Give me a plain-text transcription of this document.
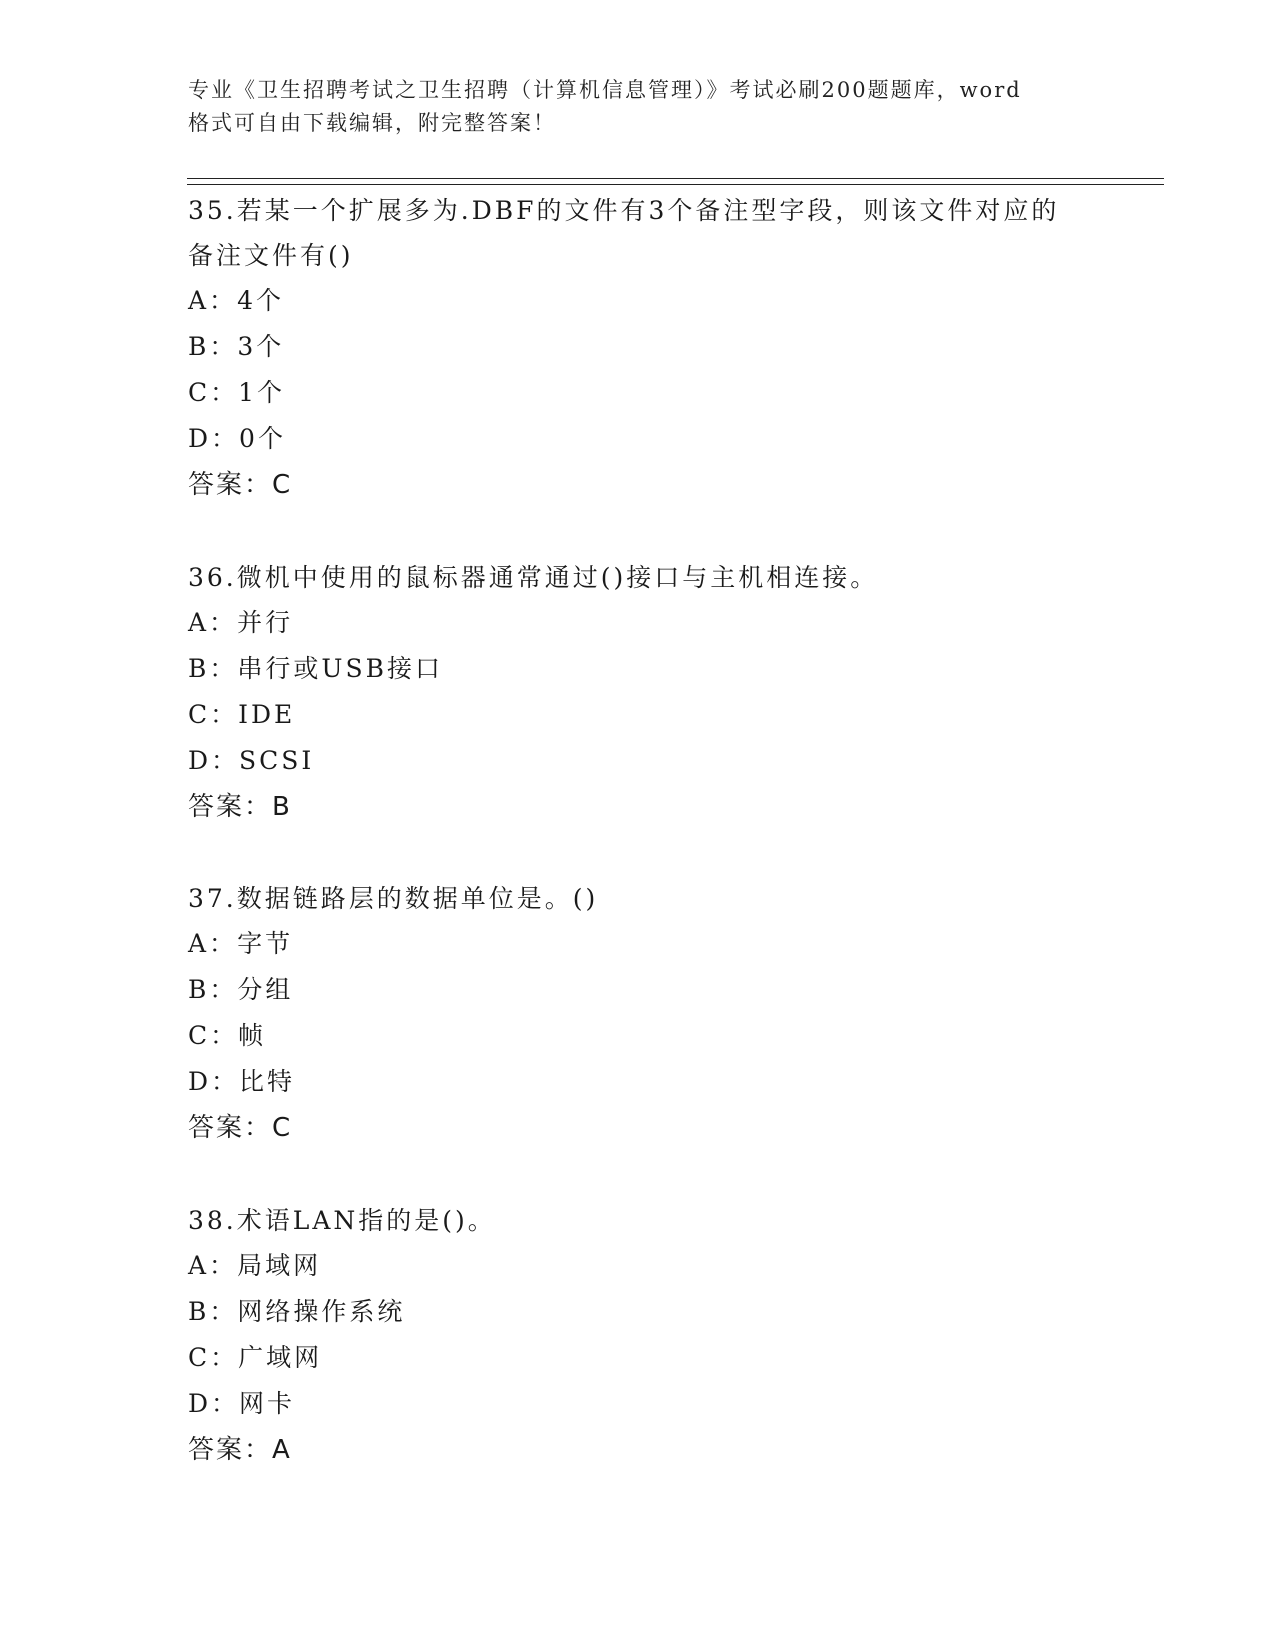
专业《卫生招聘考试之卫生招聘（计算机信息管理）》考试必刷200题题库，word
格式可自由下载编辑，附完整答案！
35.若某一个扩展多为.DBF的文件有3个备注型字段，则该文件对应的
备注文件有()
A：4个
B：3个
C：1个
D：0个
答案：C
36.微机中使用的鼠标器通常通过()接口与主机相连接。
A：并行
B：串行或USB接口
C：IDE
D：SCSI
答案：B
37.数据链路层的数据单位是。()
A：字节
B：分组
C：帧
D：比特
答案：C
38.术语LAN指的是()。
A：局域网
B：网络操作系统
C：广域网
D：网卡
答案：A
